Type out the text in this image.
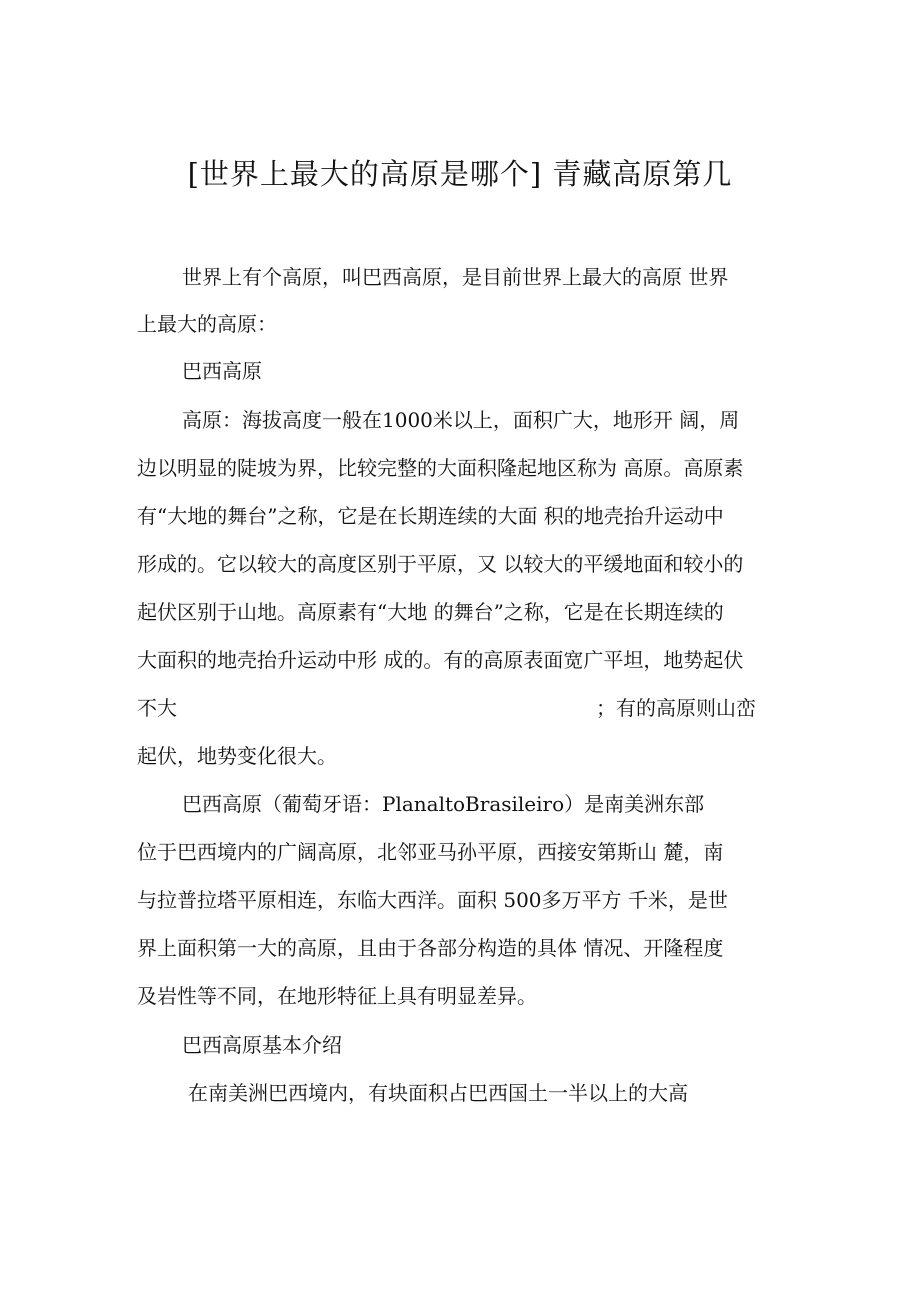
[世界上最大的高原是哪个] 青藏高原第几

世界上有个高原，叫巴西高原，是目前世界上最大的高原 世界

上最大的高原：

巴西高原

高原：海拔高度一般在1000米以上，面积广大，地形开 阔，周

边以明显的陡坡为界，比较完整的大面积隆起地区称为 高原。高原素

有“大地的舞台”之称，它是在长期连续的大面 积的地壳抬升运动中

形成的。它以较大的高度区别于平原，又 以较大的平缓地面和较小的

起伏区别于山地。高原素有“大地 的舞台”之称，它是在长期连续的

大面积的地壳抬升运动中形 成的。有的高原表面宽广平坦，地势起伏

不大	；有的高原则山峦

起伏，地势变化很大。

巴西高原（葡萄牙语：PlanaltoBrasileiro）是南美洲东部

位于巴西境内的广阔高原，北邻亚马孙平原，西接安第斯山 麓，南

与拉普拉塔平原相连，东临大西洋。面积 500多万平方 千米，是世

界上面积第一大的高原，且由于各部分构造的具体 情况、开隆程度

及岩性等不同，在地形特征上具有明显差异。

巴西高原基本介绍

在南美洲巴西境内，有块面积占巴西国土一半以上的大高
